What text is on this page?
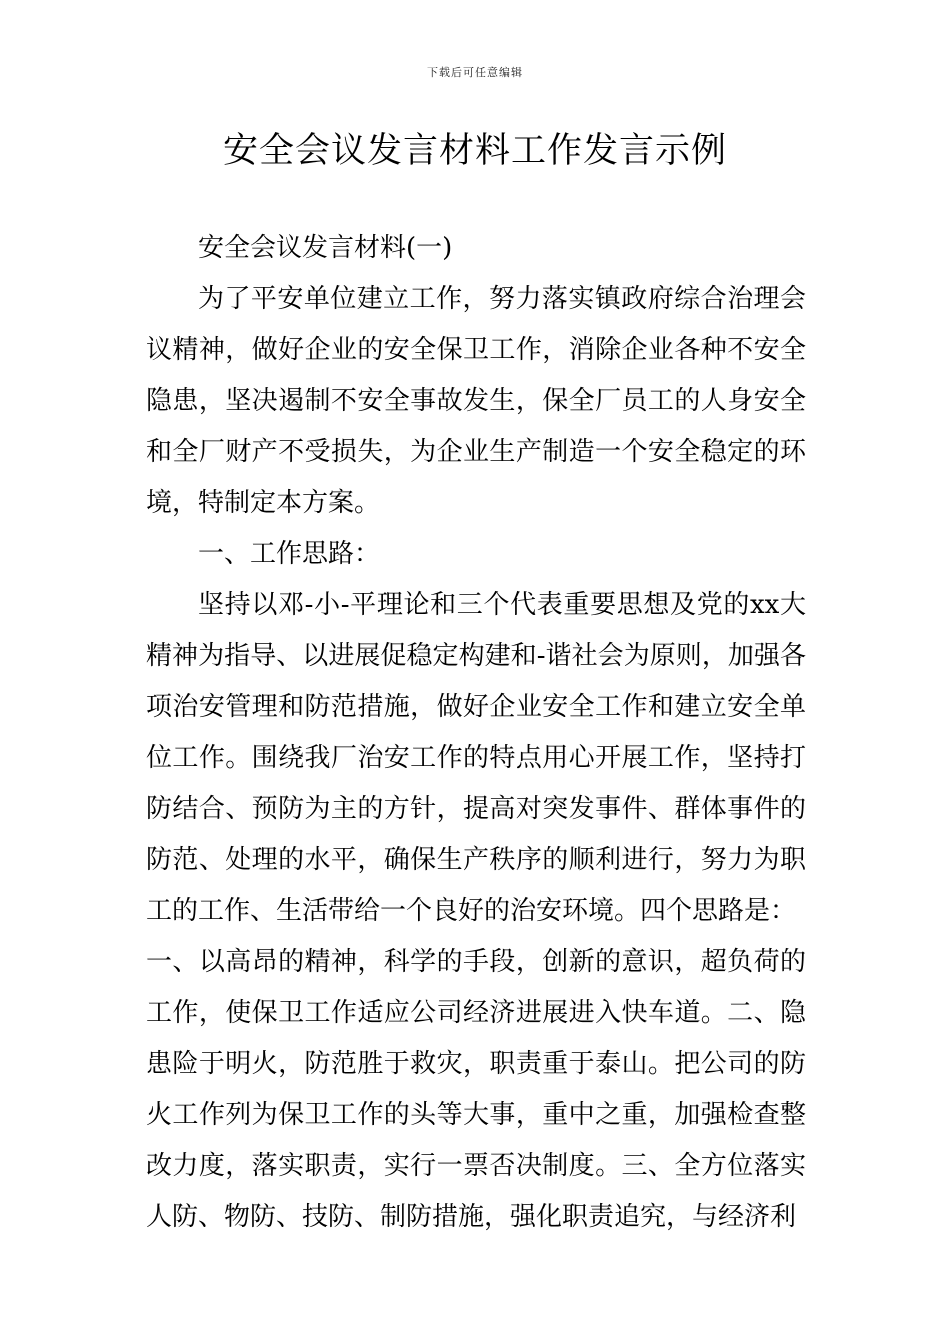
下载后可任意编辑
安全会议发言材料工作发言示例

安全会议发言材料(一)

为了平安单位建立工作，努力落实镇政府综合治理会议精神，做好企业的安全保卫工作，消除企业各种不安全隐患，坚决遏制不安全事故发生，保全厂员工的人身安全和全厂财产不受损失，为企业生产制造一个安全稳定的环境，特制定本方案。

一、工作思路：

坚持以邓-小-平理论和三个代表重要思想及党的xx大精神为指导、以进展促稳定构建和-谐社会为原则，加强各项治安管理和防范措施，做好企业安全工作和建立安全单位工作。围绕我厂治安工作的特点用心开展工作，坚持打防结合、预防为主的方针，提高对突发事件、群体事件的防范、处理的水平，确保生产秩序的顺利进行，努力为职工的工作、生活带给一个良好的治安环境。四个思路是：

一、以高昂的精神，科学的手段，创新的意识，超负荷的工作，使保卫工作适应公司经济进展进入快车道。二、隐患险于明火，防范胜于救灾，职责重于泰山。把公司的防火工作列为保卫工作的头等大事，重中之重，加强检查整改力度，落实职责，实行一票否决制度。三、全方位落实人防、物防、技防、制防措施，强化职责追究，与经济利
